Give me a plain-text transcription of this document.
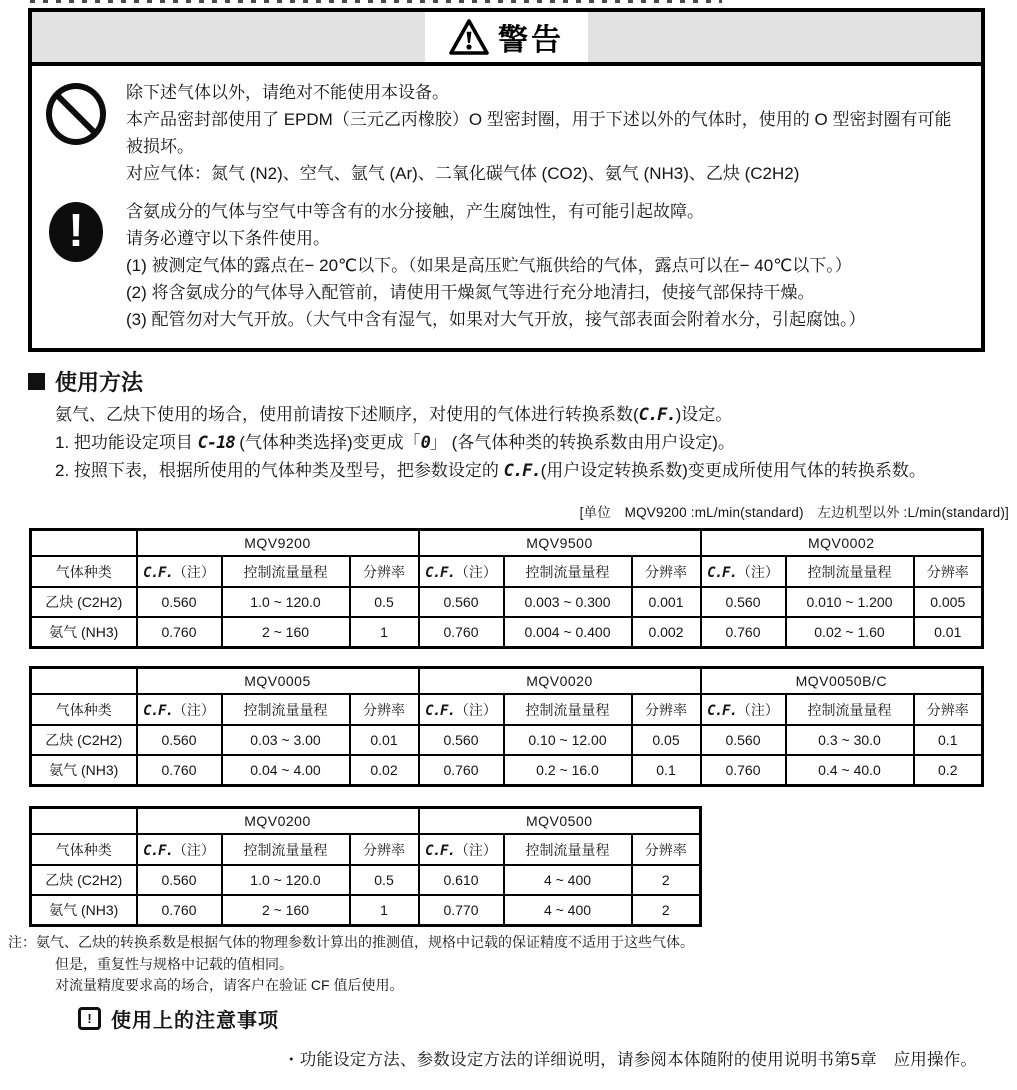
警告
除下述气体以外，请绝对不能使用本设备。
本产品密封部使用了 EPDM（三元乙丙橡胶）O 型密封圈，用于下述以外的气体时，使用的 O 型密封圈有可能被损坏。
对应气体：氮气 (N2)、空气、氩气 (Ar)、二氧化碳气体 (CO2)、氨气 (NH3)、乙炔 (C2H2)
!	含氨成分的气体与空气中等含有的水分接触，产生腐蚀性，有可能引起故障。
请务必遵守以下条件使用。
(1) 被测定气体的露点在− 20℃以下。（如果是高压贮气瓶供给的气体，露点可以在− 40℃以下。）
(2) 将含氨成分的气体导入配管前，请使用干燥氮气等进行充分地清扫，使接气部保持干燥。
(3) 配管勿对大气开放。（大气中含有湿气，如果对大气开放，接气部表面会附着水分，引起腐蚀。）
使用方法
氨气、乙炔下使用的场合，使用前请按下述顺序，对使用的气体进行转换系数(C.F.)设定。
1. 把功能设定项目 C-18 (气体种类选择)变更成「0」 (各气体种类的转换系数由用户设定)。
2. 按照下表，根据所使用的气体种类及型号，把参数设定的 C.F.(用户设定转换系数)变更成所使用气体的转换系数。
[单位　MQV9200 :mL/min(standard)　左边机型以外 :L/min(standard)]
	MQV9200			MQV9500			MQV0002		
气体种类	C.F.（注）	控制流量量程	分辨率	C.F.（注）	控制流量量程	分辨率	C.F.（注）	控制流量量程	分辨率
乙炔 (C2H2)	0.560	1.0 ~ 120.0	0.5	0.560	0.003 ~ 0.300	0.001	0.560	0.010 ~ 1.200	0.005
氨气 (NH3)	0.760	2 ~ 160	1	0.760	0.004 ~ 0.400	0.002	0.760	0.02 ~ 1.60	0.01
	MQV0005			MQV0020			MQV0050B/C		
气体种类	C.F.（注）	控制流量量程	分辨率	C.F.（注）	控制流量量程	分辨率	C.F.（注）	控制流量量程	分辨率
乙炔 (C2H2)	0.560	0.03 ~ 3.00	0.01	0.560	0.10 ~ 12.00	0.05	0.560	0.3 ~ 30.0	0.1
氨气 (NH3)	0.760	0.04 ~ 4.00	0.02	0.760	0.2 ~ 16.0	0.1	0.760	0.4 ~ 40.0	0.2
	MQV0200			MQV0500		
气体种类	C.F.（注）	控制流量量程	分辨率	C.F.（注）	控制流量量程	分辨率
乙炔 (C2H2)	0.560	1.0 ~ 120.0	0.5	0.610	4 ~ 400	2
氨气 (NH3)	0.760	2 ~ 160	1	0.770	4 ~ 400	2
注：氨气、乙炔的转换系数是根据气体的物理参数计算出的推测值，规格中记载的保证精度不适用于这些气体。
但是，重复性与规格中记载的值相同。
对流量精度要求高的场合，请客户在验证 CF 值后使用。
! 使用上的注意事项
・功能设定方法、参数设定方法的详细说明，请参阅本体随附的使用说明书第5章　应用操作。
